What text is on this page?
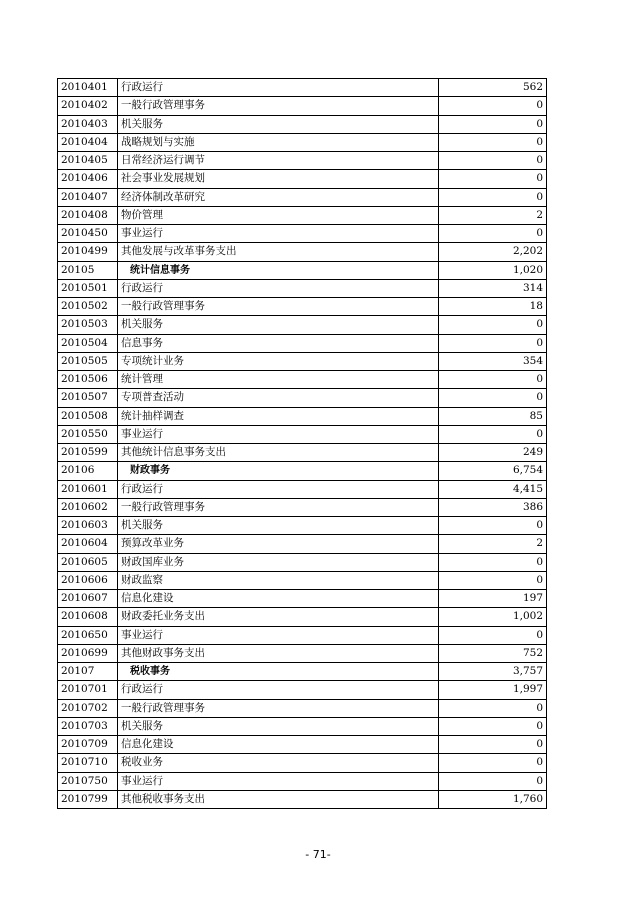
2010401	行政运行	562
2010402	一般行政管理事务	0
2010403	机关服务	0
2010404	战略规划与实施	0
2010405	日常经济运行调节	0
2010406	社会事业发展规划	0
2010407	经济体制改革研究	0
2010408	物价管理	2
2010450	事业运行	0
2010499	其他发展与改革事务支出	2,202
20105	统计信息事务	1,020
2010501	行政运行	314
2010502	一般行政管理事务	18
2010503	机关服务	0
2010504	信息事务	0
2010505	专项统计业务	354
2010506	统计管理	0
2010507	专项普查活动	0
2010508	统计抽样调查	85
2010550	事业运行	0
2010599	其他统计信息事务支出	249
20106	财政事务	6,754
2010601	行政运行	4,415
2010602	一般行政管理事务	386
2010603	机关服务	0
2010604	预算改革业务	2
2010605	财政国库业务	0
2010606	财政监察	0
2010607	信息化建设	197
2010608	财政委托业务支出	1,002
2010650	事业运行	0
2010699	其他财政事务支出	752
20107	税收事务	3,757
2010701	行政运行	1,997
2010702	一般行政管理事务	0
2010703	机关服务	0
2010709	信息化建设	0
2010710	税收业务	0
2010750	事业运行	0
2010799	其他税收事务支出	1,760
- 71-
